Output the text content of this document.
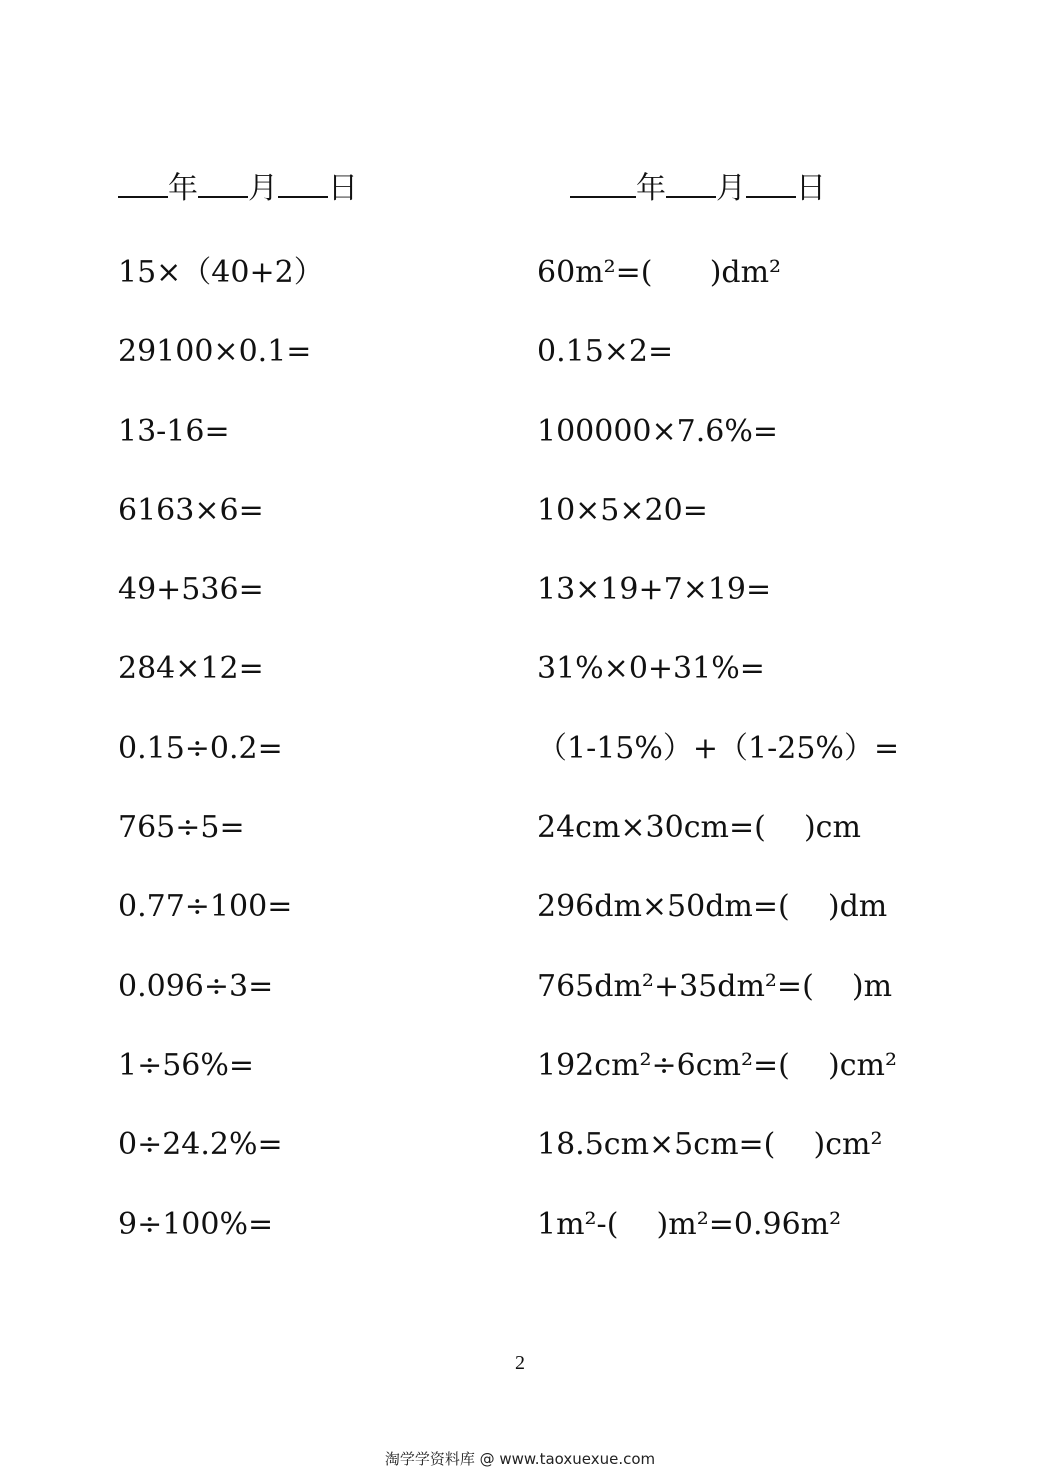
年 月 日	年 月 日
15×（40+2）
29100×0.1=
13-16=
6163×6=
49+536=
284×12=
0.15÷0.2=
765÷5=
0.77÷100=
0.096÷3=
1÷56%=
0÷24.2%=
9÷100%=
60m²=(      )dm²
0.15×2=
100000×7.6%=
10×5×20=
13×19+7×19=
31%×0+31%=
（1-15%）+（1-25%）=
24cm×30cm=(    )cm
296dm×50dm=(    )dm
765dm²+35dm²=(    )m
192cm²÷6cm²=(    )cm²
18.5cm×5cm=(    )cm²
1m²-(    )m²=0.96m²
2
淘学学资料库 @ www.taoxuexue.com
